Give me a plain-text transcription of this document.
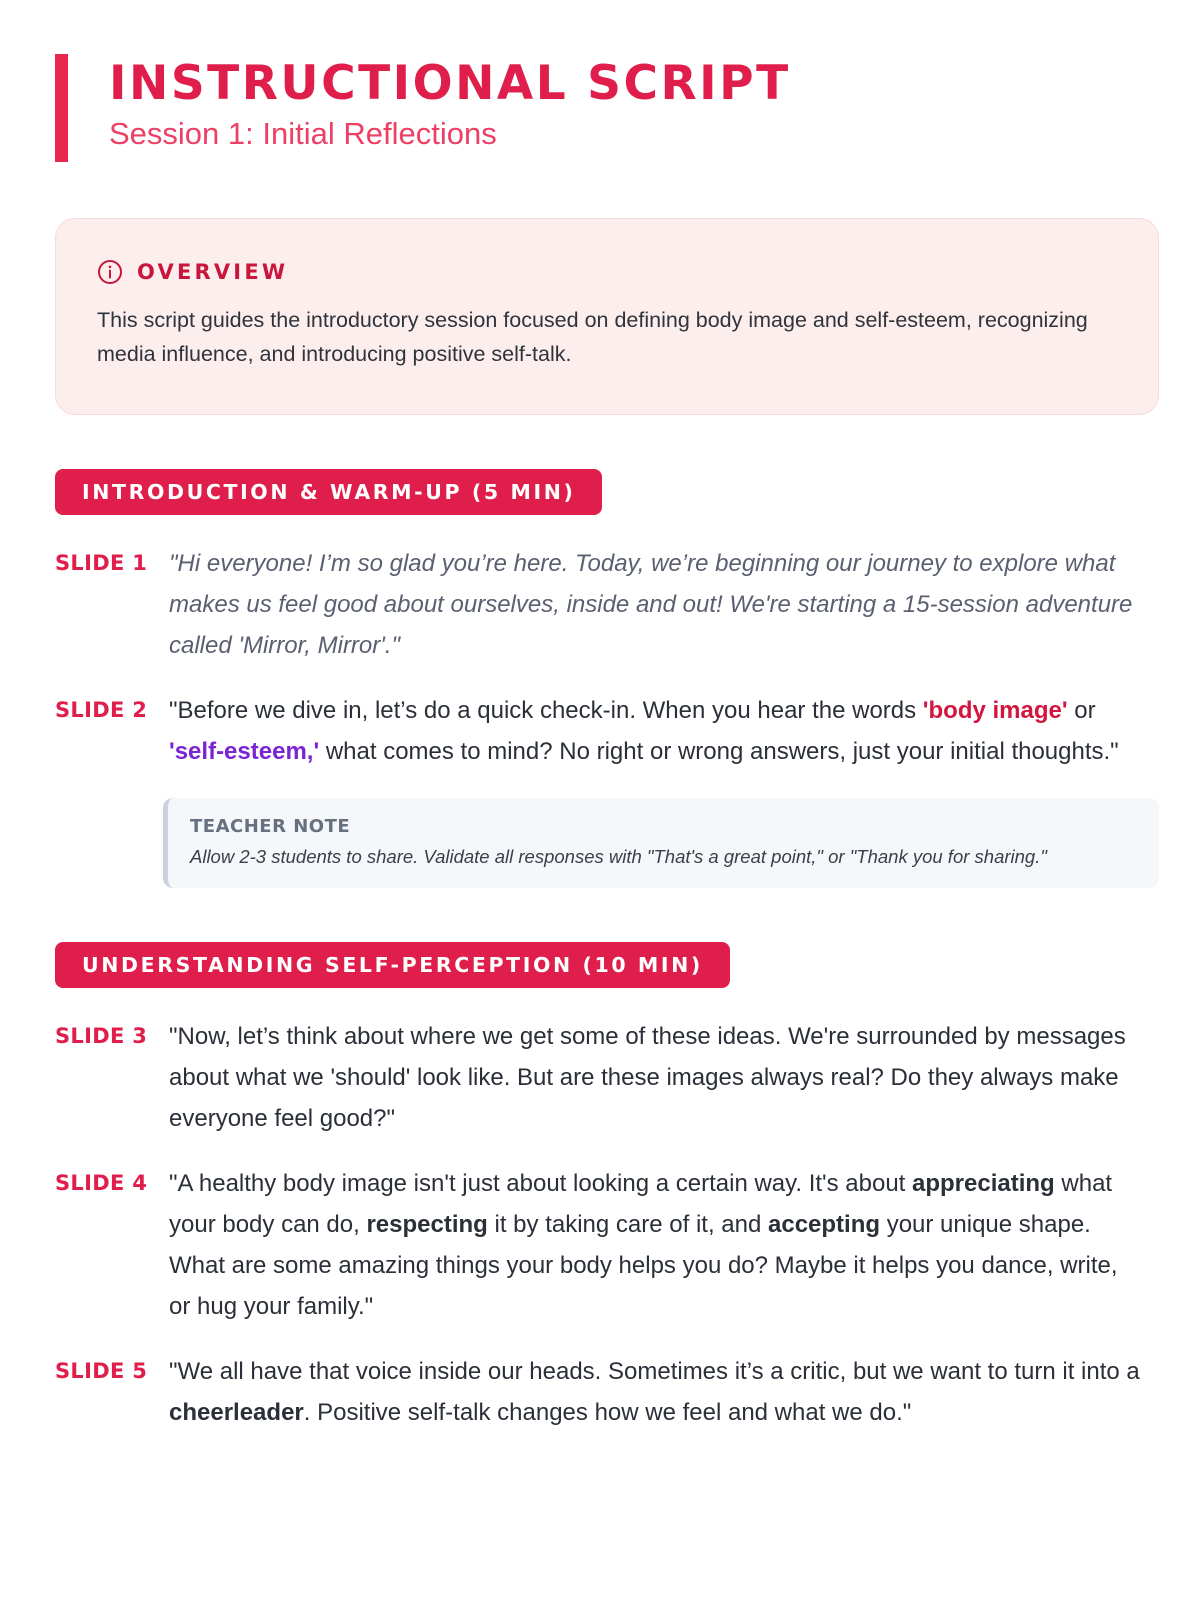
INSTRUCTIONAL SCRIPT
Session 1: Initial Reflections
OVERVIEW
This script guides the introductory session focused on defining body image and self-esteem, recognizing media influence, and introducing positive self-talk.
INTRODUCTION & WARM-UP (5 MIN)
SLIDE 1 "Hi everyone! I’m so glad you’re here. Today, we’re beginning our journey to explore what makes us feel good about ourselves, inside and out! We're starting a 15-session adventure called 'Mirror, Mirror'."
SLIDE 2 "Before we dive in, let’s do a quick check-in. When you hear the words 'body image' or 'self-esteem,' what comes to mind? No right or wrong answers, just your initial thoughts."
TEACHER NOTE
Allow 2-3 students to share. Validate all responses with "That's a great point," or "Thank you for sharing."
UNDERSTANDING SELF-PERCEPTION (10 MIN)
SLIDE 3 "Now, let’s think about where we get some of these ideas. We're surrounded by messages about what we 'should' look like. But are these images always real? Do they always make everyone feel good?"
SLIDE 4 "A healthy body image isn't just about looking a certain way. It's about appreciating what your body can do, respecting it by taking care of it, and accepting your unique shape. What are some amazing things your body helps you do? Maybe it helps you dance, write, or hug your family."
SLIDE 5 "We all have that voice inside our heads. Sometimes it’s a critic, but we want to turn it into a cheerleader. Positive self-talk changes how we feel and what we do."
